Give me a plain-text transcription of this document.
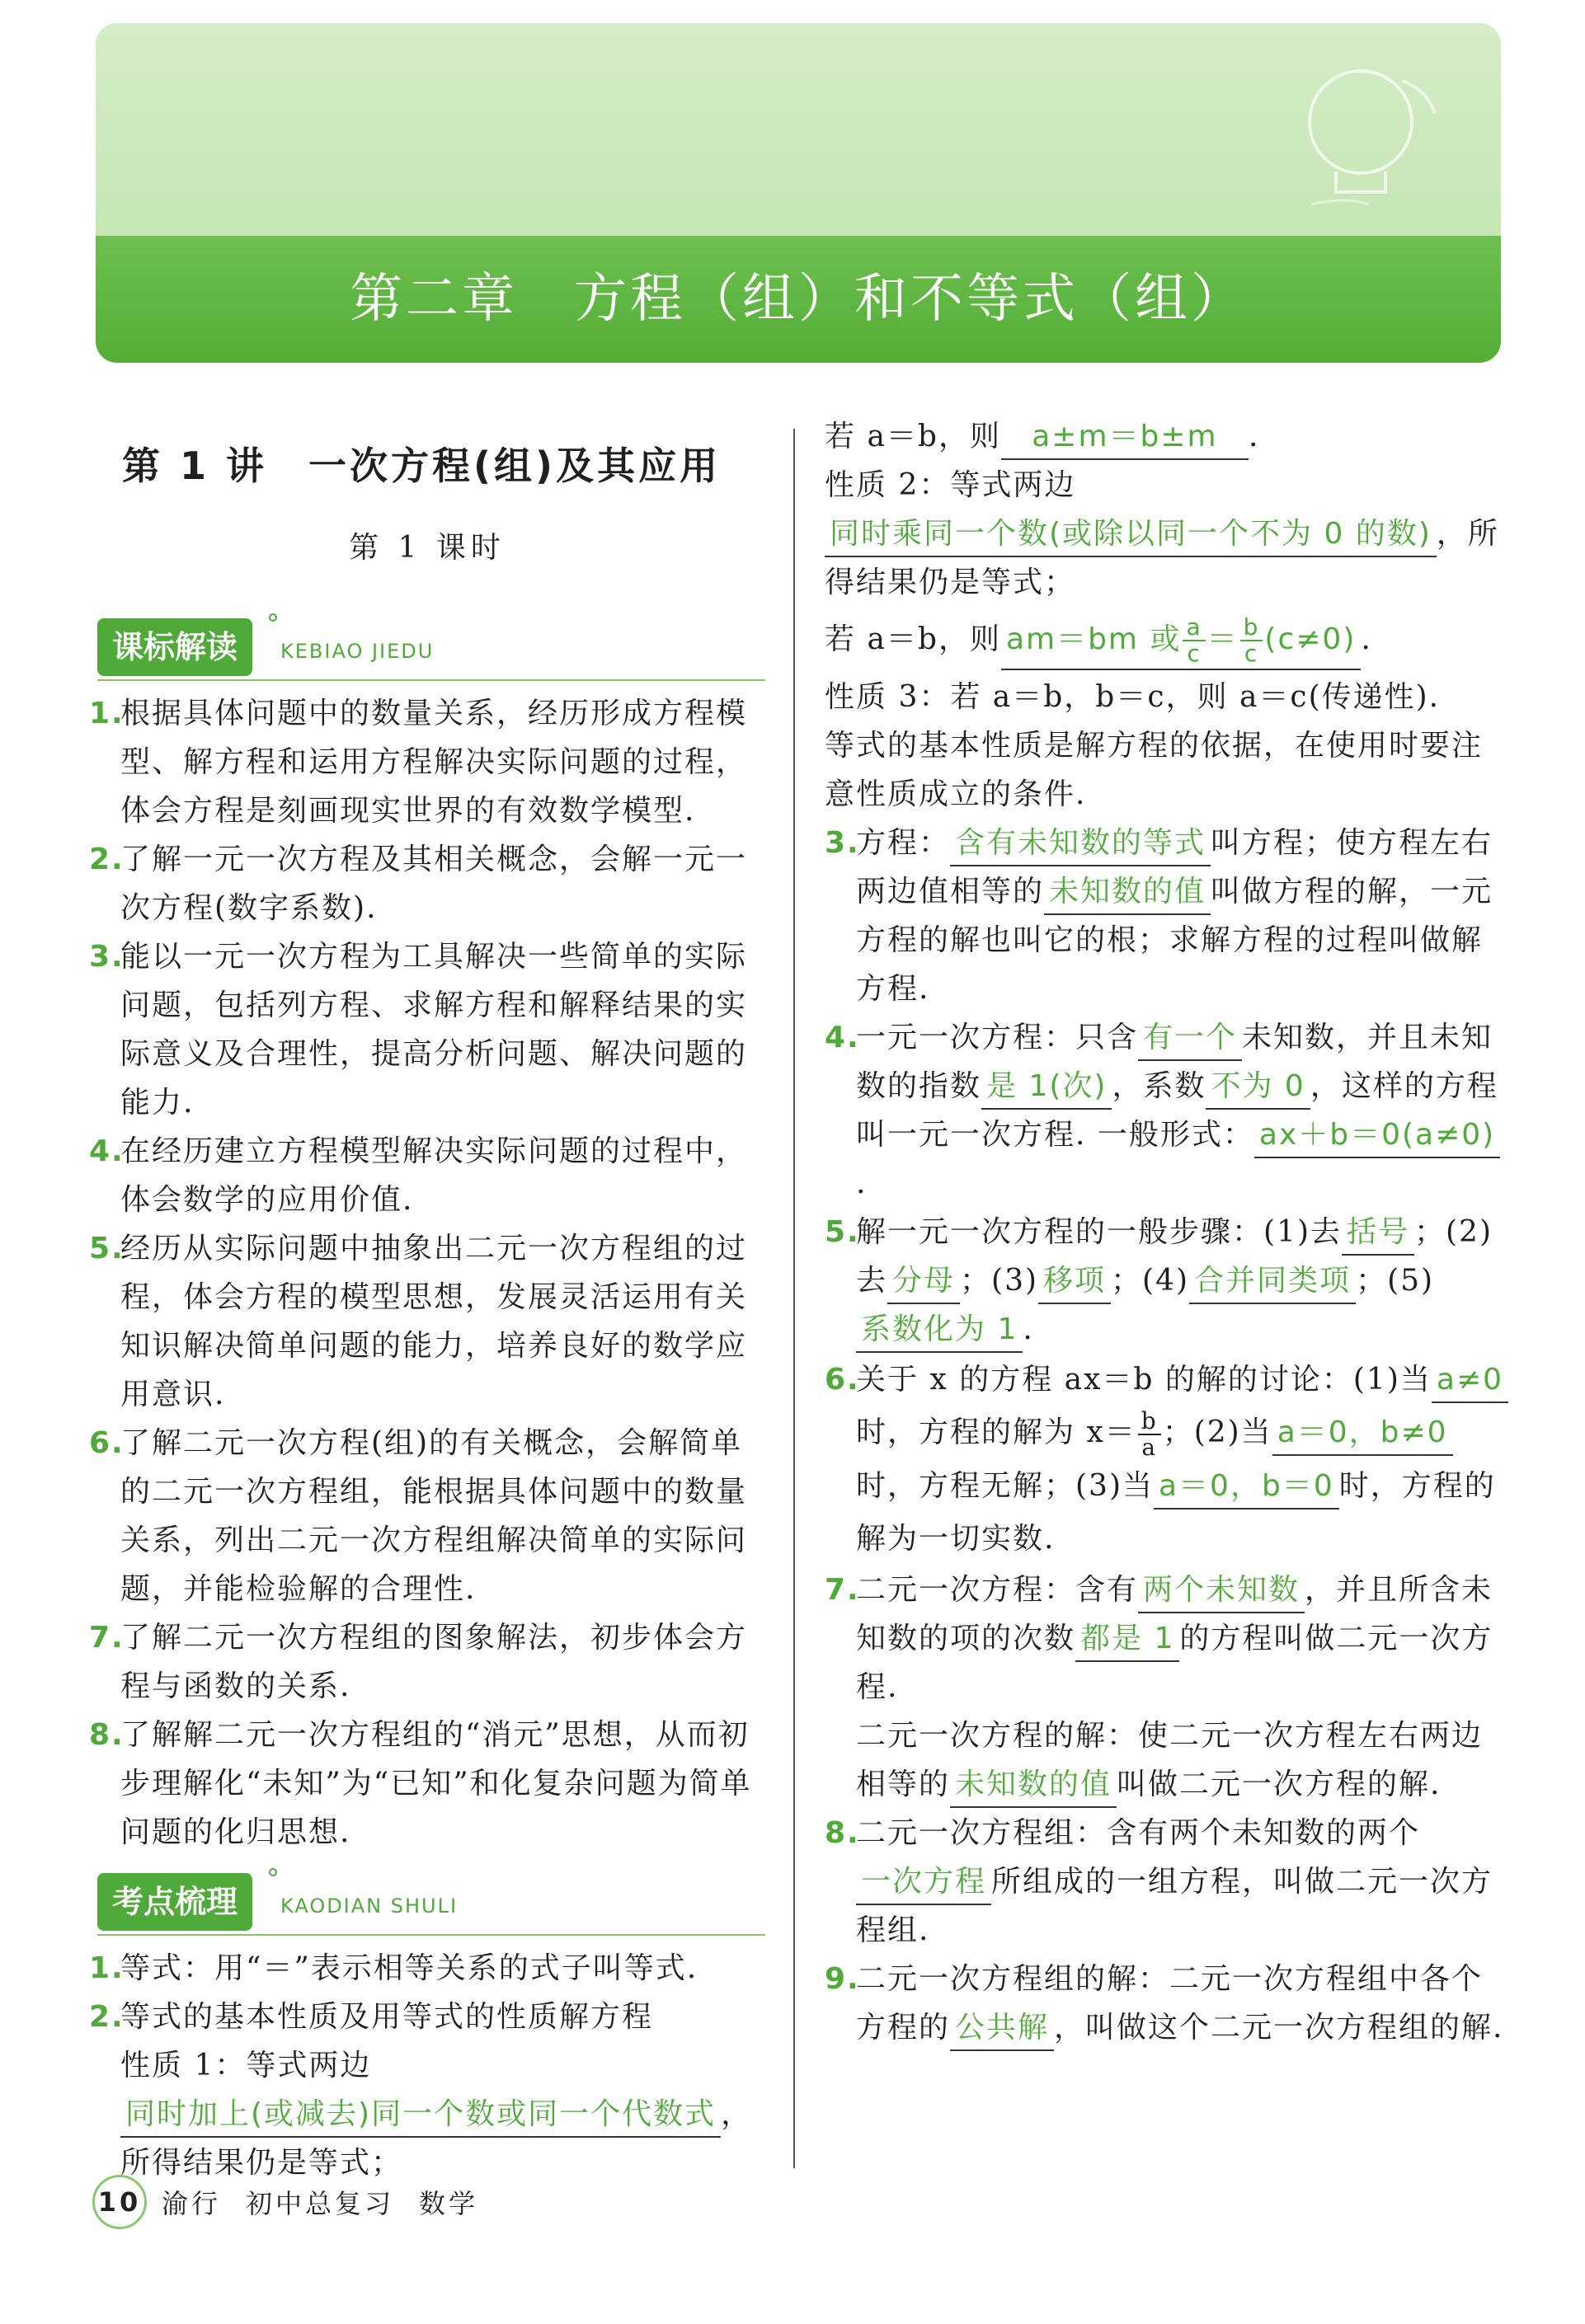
第二章　方程（组）和不等式（组）
第 1 讲　一次方程(组)及其应用
第 1 课时
课标解读	KEBIAO JIEDU
1.
根据具体问题中的数量关系，经历形成方程模型、解方程和运用方程解决实际问题的过程，体会方程是刻画现实世界的有效数学模型.
2.
了解一元一次方程及其相关概念，会解一元一次方程(数字系数).
3.
能以一元一次方程为工具解决一些简单的实际问题，包括列方程、求解方程和解释结果的实际意义及合理性，提高分析问题、解决问题的能力.
4.
在经历建立方程模型解决实际问题的过程中，体会数学的应用价值.
5.
经历从实际问题中抽象出二元一次方程组的过程，体会方程的模型思想，发展灵活运用有关知识解决简单问题的能力，培养良好的数学应用意识.
6.
了解二元一次方程(组)的有关概念，会解简单的二元一次方程组，能根据具体问题中的数量关系，列出二元一次方程组解决简单的实际问题，并能检验解的合理性.
7.
了解二元一次方程组的图象解法，初步体会方程与函数的关系.
8.
了解解二元一次方程组的“消元”思想，从而初步理解化“未知”为“已知”和化复杂问题为简单问题的化归思想.
考点梳理	KAODIAN SHULI
1.
等式：用“＝”表示相等关系的式子叫等式.
2.
等式的基本性质及用等式的性质解方程
性质 1：等式两边同时加上(或减去)同一个数或同一个代数式 ，所得结果仍是等式；
若 a＝b，则 a±m＝b±m .
性质 2：等式两边同时乘同一个数(或除以同一个不为 0 的数) ，所得结果仍是等式；
若 a＝b，则 am＝bm 或 $\frac{a}{c} = \frac{b}{c} (c\ne 0)$ .
性质 3：若 a＝b，b＝c，则 a＝c(传递性).
等式的基本性质是解方程的依据，在使用时要注意性质成立的条件.
3.
方程： 含有未知数的等式 叫方程；使方程左右两边值相等的 未知数的值 叫做方程的解，一元方程的解也叫它的根；求解方程的过程叫做解方程.
4.
一元一次方程：只含 有一个 未知数，并且未知数的指数 是 1(次) ，系数 不为 0 ，这样的方程叫一元一次方程. 一般形式： ax＋b＝0(a≠0).
5.
解一元一次方程的一般步骤：(1)去 括号 ；(2)去 分母 ；(3) 移项 ；(4) 合并同类项 ；(5)系数化为 1 .
6.
关于 x 的方程 ax＝b 的解的讨论：(1)当 a≠0时，方程的解为 $x= \frac{b}{a}$ ；(2)当 a＝0，b≠0时，方程无解；(3)当 a＝0，b＝0 时，方程的解为一切实数.
7.
二元一次方程：含有 两个未知数 ，并且所含未知数的项的次数 都是 1 的方程叫做二元一次方程.
二元一次方程的解：使二元一次方程左右两边相等的 未知数的值 叫做二元一次方程的解.
8.
二元一次方程组：含有两个未知数的两个一次方程 所组成的一组方程，叫做二元一次方程组.
9.
二元一次方程组的解：二元一次方程组中各个方程的 公共解 ，叫做这个二元一次方程组的解.
10 渝行 初中总复习 数学
